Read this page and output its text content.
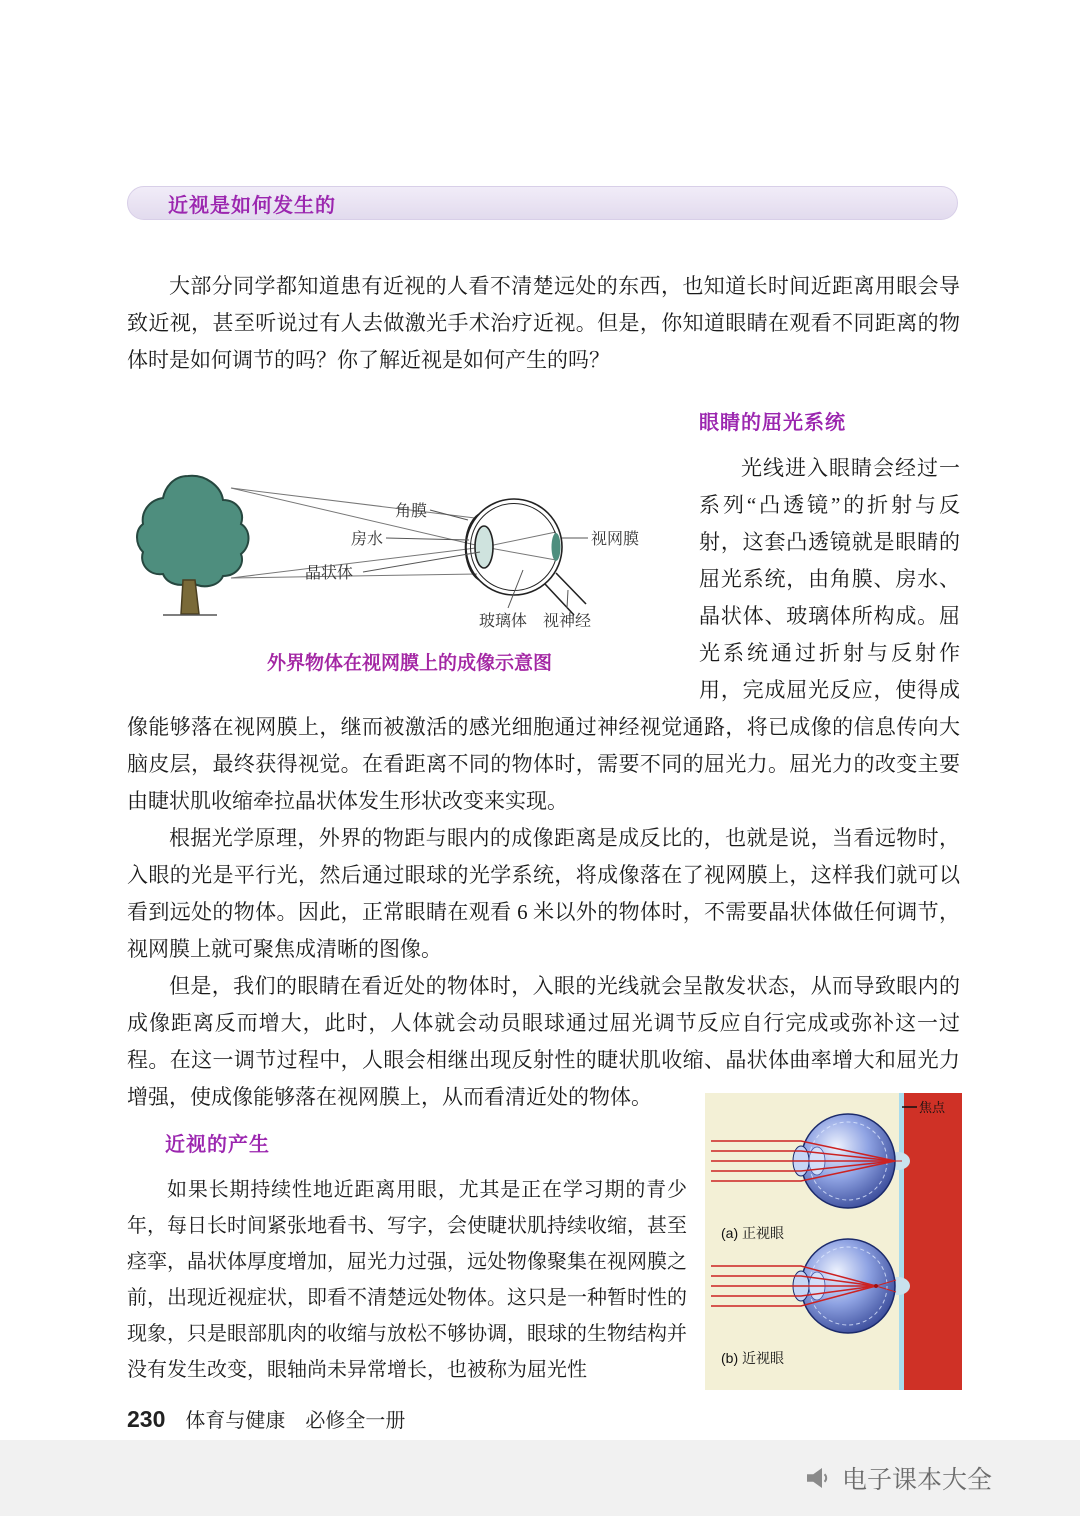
近视是如何发生的

大部分同学都知道患有近视的人看不清楚远处的东西，也知道长时间近距离用眼会导致近视，甚至听说过有人去做激光手术治疗近视。但是，你知道眼睛在观看不同距离的物体时是如何调节的吗？你了解近视是如何产生的吗？

角膜
房水
晶状体
玻璃体 视神经
视网膜
外界物体在视网膜上的成像示意图
眼睛的屈光系统

光线进入眼睛会经过一系列“凸透镜”的折射与反射，这套凸透镜就是眼睛的屈光系统，由角膜、房水、晶状体、玻璃体所构成。屈光系统通过折射与反射作用，完成屈光反应，使得成像能够落在视网膜上，继而被激活的感光细胞通过神经视觉通路，将已成像的信息传向大脑皮层，最终获得视觉。在看距离不同的物体时，需要不同的屈光力。屈光力的改变主要由睫状肌收缩牵拉晶状体发生形状改变来实现。

根据光学原理，外界的物距与眼内的成像距离是成反比的，也就是说，当看远物时，入眼的光是平行光，然后通过眼球的光学系统，将成像落在了视网膜上，这样我们就可以看到远处的物体。因此，正常眼睛在观看 6 米以外的物体时，不需要晶状体做任何调节，视网膜上就可聚焦成清晰的图像。

但是，我们的眼睛在看近处的物体时，入眼的光线就会呈散发状态，从而导致眼内的成像距离反而增大，此时，人体就会动员眼球通过屈光调节反应自行完成或弥补这一过程。在这一调节过程中，人眼会相继出现反射性的睫状肌收缩、晶状体曲率增大和屈光力增强，使成像能够落在视网膜上，从而看清近处的物体。

近视的产生

如果长期持续性地近距离用眼，尤其是正在学习期的青少年，每日长时间紧张地看书、写字，会使睫状肌持续收缩，甚至痉挛，晶状体厚度增加，屈光力过强，远处物像聚集在视网膜之前，出现近视症状，即看不清楚远处物体。这只是一种暂时性的现象，只是眼部肌肉的收缩与放松不够协调，眼球的生物结构并没有发生改变，眼轴尚未异常增长，也被称为屈光性

(a) 正视眼
(b) 近视眼
焦点
230 体育与健康　必修全一册
电子课本大全
